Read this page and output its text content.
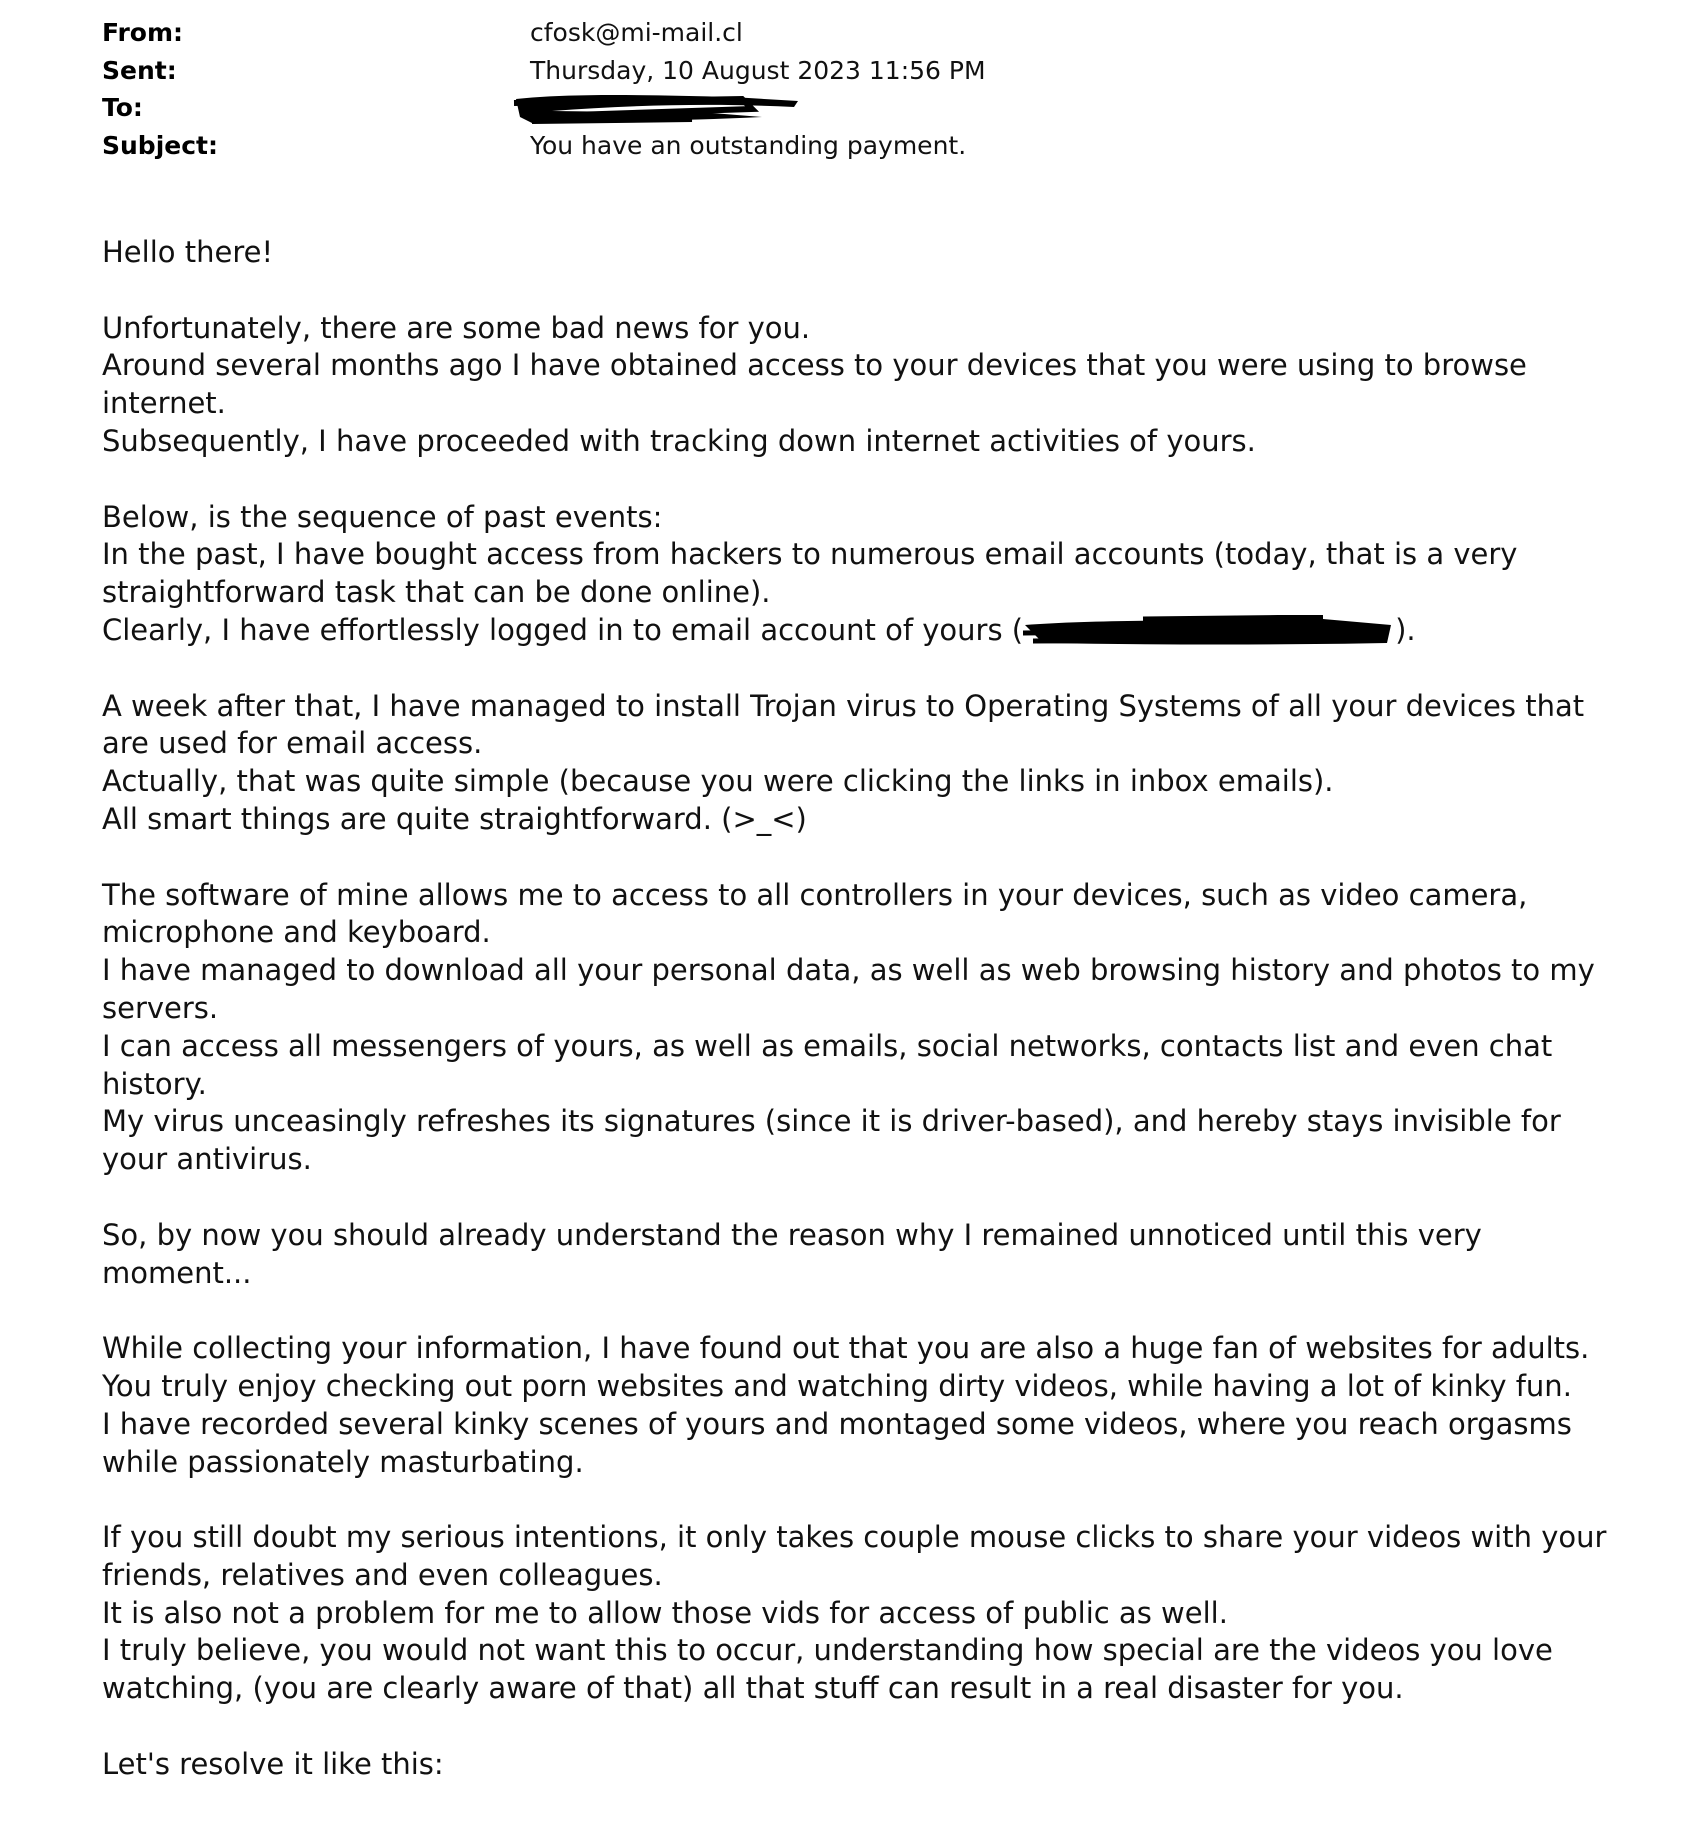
From:	cfosk@mi-mail.cl
Sent:	Thursday, 10 August 2023 11:56 PM
To:
Subject:	You have an outstanding payment.

Hello there!

Unfortunately, there are some bad news for you.
Around several months ago I have obtained access to your devices that you were using to browse internet.
Subsequently, I have proceeded with tracking down internet activities of yours.

Below, is the sequence of past events:
In the past, I have bought access from hackers to numerous email accounts (today, that is a very straightforward task that can be done online).
Clearly, I have effortlessly logged in to email account of yours (	).

A week after that, I have managed to install Trojan virus to Operating Systems of all your devices that are used for email access.
Actually, that was quite simple (because you were clicking the links in inbox emails).
All smart things are quite straightforward. (>_<)

The software of mine allows me to access to all controllers in your devices, such as video camera, microphone and keyboard.
I have managed to download all your personal data, as well as web browsing history and photos to my servers.
I can access all messengers of yours, as well as emails, social networks, contacts list and even chat history.
My virus unceasingly refreshes its signatures (since it is driver-based), and hereby stays invisible for your antivirus.

So, by now you should already understand the reason why I remained unnoticed until this very moment...

While collecting your information, I have found out that you are also a huge fan of websites for adults.
You truly enjoy checking out porn websites and watching dirty videos, while having a lot of kinky fun.
I have recorded several kinky scenes of yours and montaged some videos, where you reach orgasms while passionately masturbating.

If you still doubt my serious intentions, it only takes couple mouse clicks to share your videos with your friends, relatives and even colleagues.
It is also not a problem for me to allow those vids for access of public as well.
I truly believe, you would not want this to occur, understanding how special are the videos you love watching, (you are clearly aware of that) all that stuff can result in a real disaster for you.

Let's resolve it like this:
